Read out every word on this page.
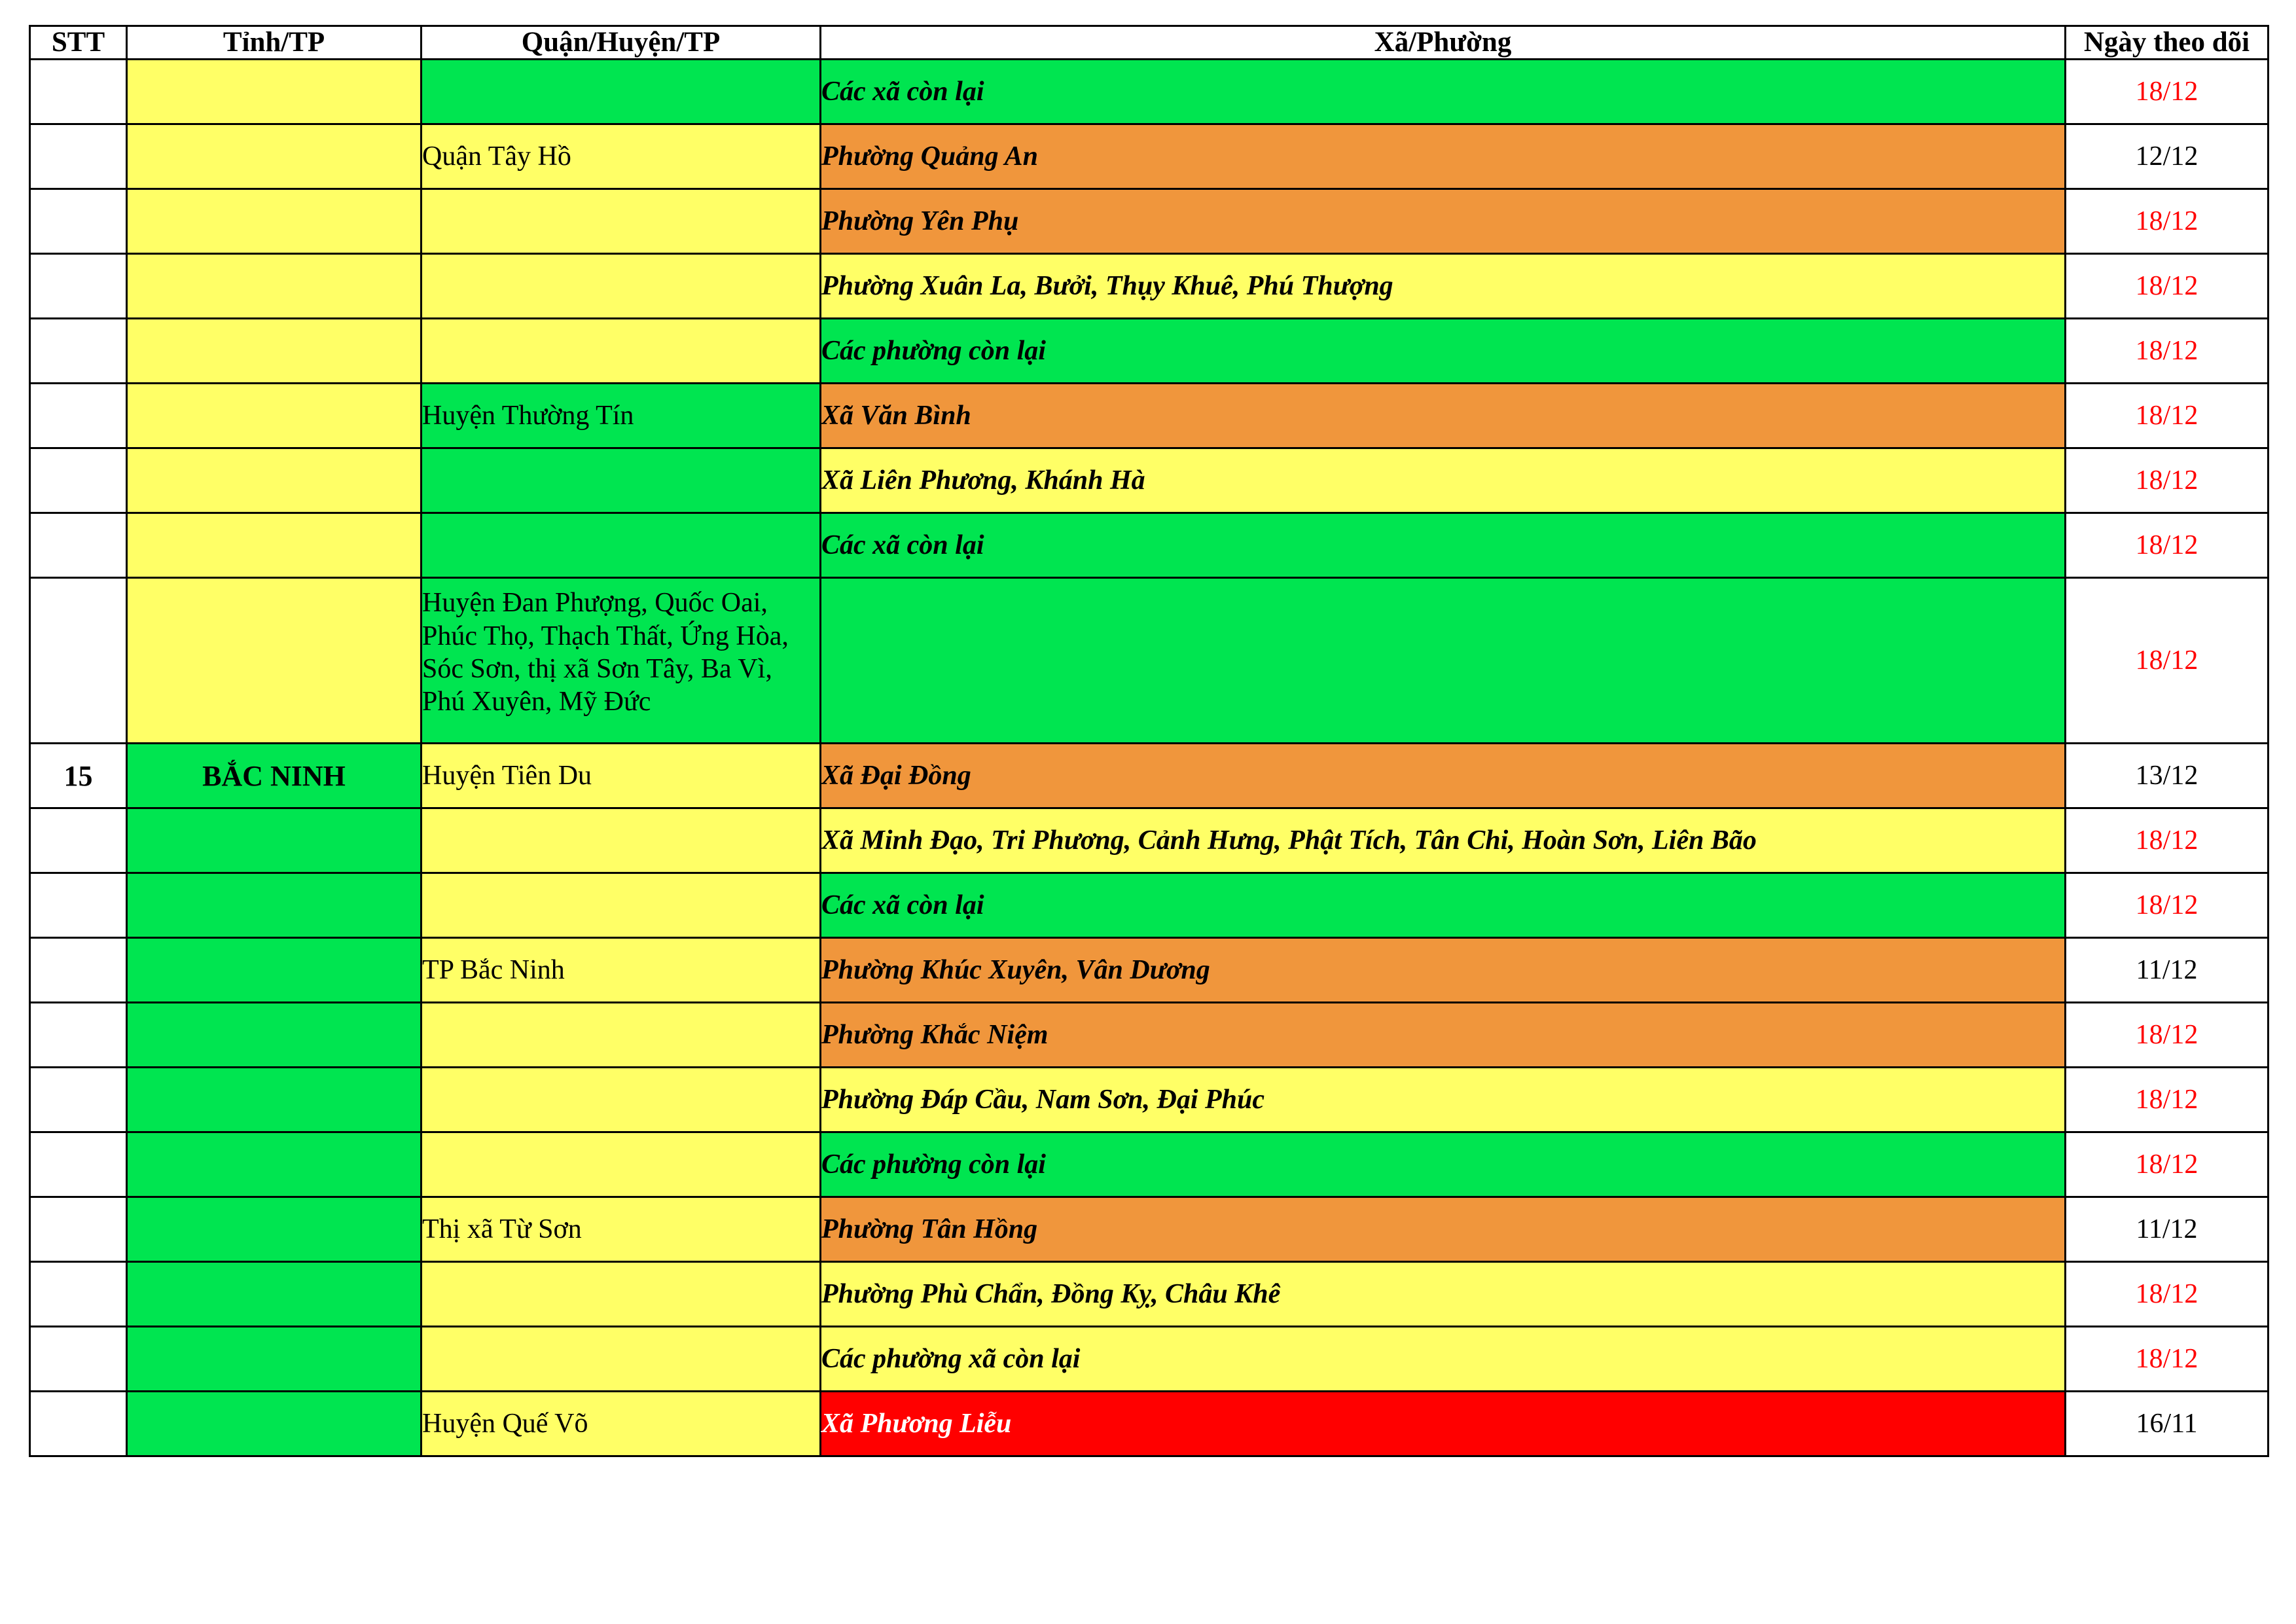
STT	Tỉnh/TP	Quận/Huyện/TP	Xã/Phường	Ngày theo dõi
			Các xã còn lại	18/12
		Quận Tây Hồ	Phường Quảng An	12/12
			Phường Yên Phụ	18/12
			Phường Xuân La, Bưởi, Thụy Khuê, Phú Thượng	18/12
			Các phường còn lại	18/12
		Huyện Thường Tín	Xã Văn Bình	18/12
			Xã Liên Phương, Khánh Hà	18/12
			Các xã còn lại	18/12
		Huyện Đan Phượng, Quốc Oai, Phúc Thọ, Thạch Thất, Ứng Hòa, Sóc Sơn, thị xã Sơn Tây, Ba Vì, Phú Xuyên, Mỹ Đức		18/12
15	BẮC NINH	Huyện Tiên Du	Xã Đại Đồng	13/12
			Xã Minh Đạo, Tri Phương, Cảnh Hưng, Phật Tích, Tân Chi, Hoàn Sơn, Liên Bão	18/12
			Các xã còn lại	18/12
		TP Bắc Ninh	Phường Khúc Xuyên, Vân Dương	11/12
			Phường Khắc Niệm	18/12
			Phường Đáp Cầu, Nam Sơn, Đại Phúc	18/12
			Các phường còn lại	18/12
		Thị xã Từ Sơn	Phường Tân Hồng	11/12
			Phường Phù Chẩn, Đồng Kỵ, Châu Khê	18/12
			Các phường xã còn lại	18/12
		Huyện Quế Võ	Xã Phương Liễu	16/11
